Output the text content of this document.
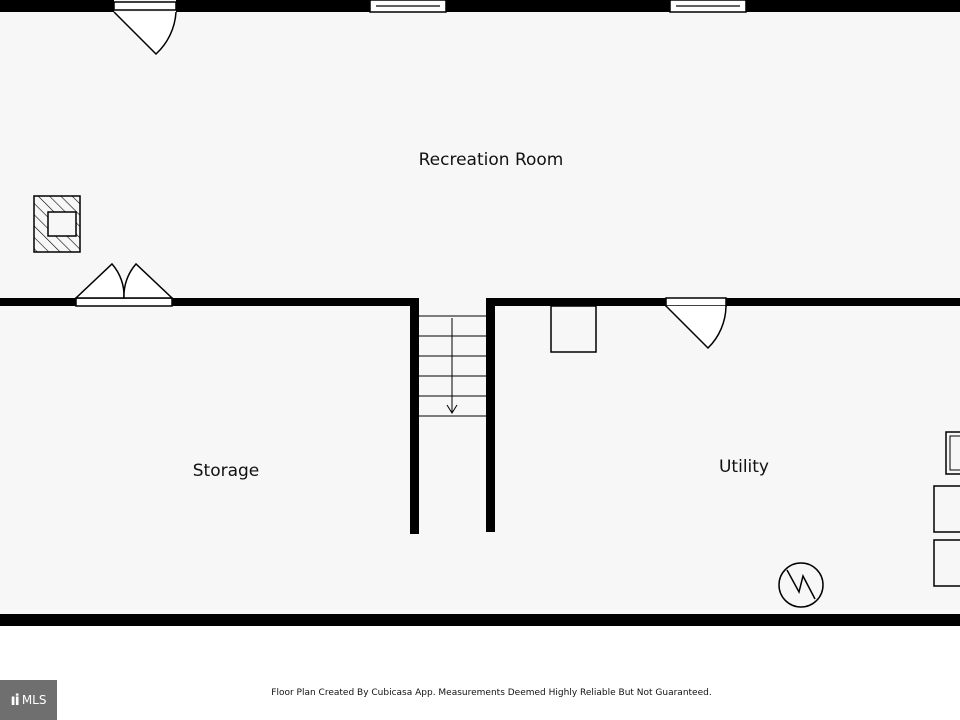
Recreation Room
Storage	Utility
ıi MLS	Floor Plan Created By Cubicasa App. Measurements Deemed Highly Reliable But Not Guaranteed.
